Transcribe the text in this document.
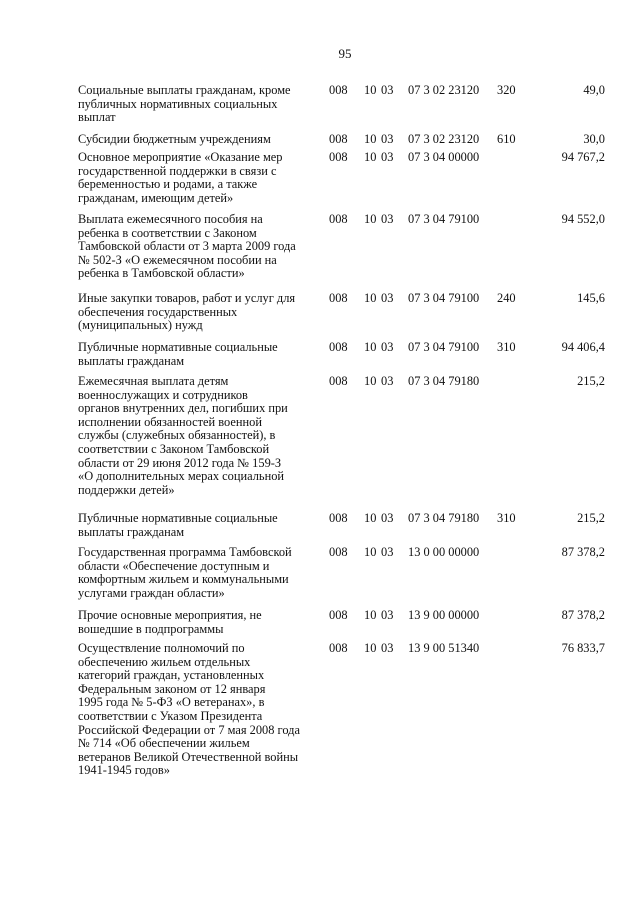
95
Социальные выплаты гражданам, кроме
публичных нормативных социальных
выплат
008 10 03 07 3 02 23120 320	49,0
Субсидии бюджетным учреждениям	008 10 03 07 3 02 23120 610	30,0
Основное мероприятие «Оказание мер
государственной поддержки в связи с
беременностью и родами, а также
гражданам, имеющим детей»
008 10 03 07 3 04 00000	94 767,2
Выплата ежемесячного пособия на
ребенка в соответствии с Законом
Тамбовской области от 3 марта 2009 года
№ 502-З «О ежемесячном пособии на
ребенка в Тамбовской области»
008 10 03 07 3 04 79100	94 552,0
Иные закупки товаров, работ и услуг для
обеспечения государственных
(муниципальных) нужд
008 10 03 07 3 04 79100 240	145,6
Публичные нормативные социальные
выплаты гражданам
008 10 03 07 3 04 79100 310	94 406,4
Ежемесячная выплата детям
военнослужащих и сотрудников
органов внутренних дел, погибших при
исполнении обязанностей военной
службы (служебных обязанностей), в
соответствии с Законом Тамбовской
области от 29 июня 2012 года № 159-З
«О дополнительных мерах социальной
поддержки детей»
008 10 03 07 3 04 79180	215,2
Публичные нормативные социальные
выплаты гражданам
008 10 03 07 3 04 79180 310	215,2
Государственная программа Тамбовской
области «Обеспечение доступным и
комфортным жильем и коммунальными
услугами граждан области»
008 10 03 13 0 00 00000	87 378,2
Прочие основные мероприятия, не
вошедшие в подпрограммы
008 10 03 13 9 00 00000	87 378,2
Осуществление полномочий по
обеспечению жильем отдельных
категорий граждан, установленных
Федеральным законом от 12 января
1995 года № 5-ФЗ «О ветеранах», в
соответствии с Указом Президента
Российской Федерации от 7 мая 2008 года
№ 714 «Об обеспечении жильем
ветеранов Великой Отечественной войны
1941-1945 годов»
008 10 03 13 9 00 51340	76 833,7
